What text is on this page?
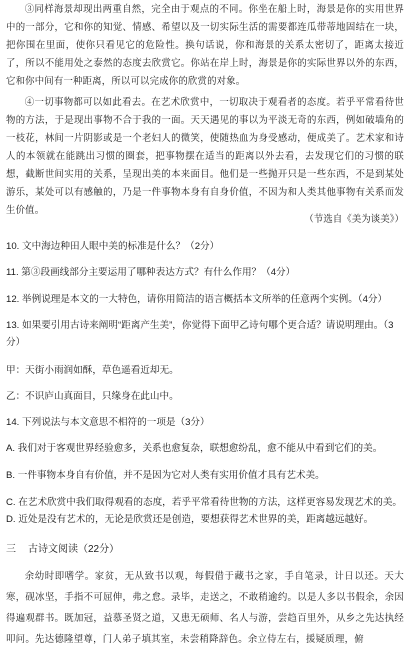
③同样海景却现出两重自然，完全由于观点的不同。你坐在船上时，海景是你的实用世界中的一部分，它和你的知觉、情感、希望以及一切实际生活的需要都连瓜带蒂地固结在一块，把你围在里面，使你只看见它的危险性。换句话说，你和海景的关系太密切了，距离太接近了，所以不能用处之泰然的态度去欣赏它。你站在岸上时，海景是你的实际世界以外的东西，它和你中间有一种距离，所以可以完成你的欣赏的对象。

④一切事物都可以如此看去。在艺术欣赏中，一切取决于观看者的态度。若乎平常看待世物的方法，于是现出事物不合于我的一面。天天遇见的事以为平淡无奇的东西，例如破墙角的一枝花，林间一片阴影或是一个老妇人的微笑，使随热血为身受感动，便成美了。艺术家和诗人的本领就在能跳出习惯的圈套，把事物摆在适当的距离以外去看，去发现它们的习惯的联想，截断世间实用的关系，呈现出美的本来面目。他们是一些抛开只是一些东西，不是到某处游乐，某处可以有感触的，乃是一件事物本身有自身价值，不因为和人类其他事物有关系而发生价值。

（节选自《美为谈美》）

10. 文中海边种田人眼中美的标准是什么？（2分）

11. 第③段画线部分主要运用了哪种表达方式？有什么作用？（4分）

12. 举例说理是本文的一大特色，请你用简洁的语言概括本文所举的任意两个实例。（4分）

13. 如果要引用古诗来阐明“距离产生美”，你觉得下面甲乙诗句哪个更合适？请说明理由。（3分）

甲：天街小雨润如酥，草色遥看近却无。

乙：不识庐山真面目，只缘身在此山中。

14. 下列说法与本文意思不相符的一项是（3分）

A. 我们对于客观世界经验愈多，关系也愈复杂，联想愈纷乱，愈不能从中看到它们的美。

B. 一件事物本身自有价值，并不是因为它对人类有实用价值才具有艺术美。

C. 在艺术欣赏中我们取得观看的态度，若乎平常看待世物的方法，这样更容易发现艺术的美。

D. 近处是没有艺术的，无论是欣赏还是创造，要想获得艺术世界的美，距离越远越好。

三 古诗文阅读（22分）

余幼时即嗜学。家贫，无从致书以观，每假借于藏书之家，手自笔录，计日以还。天大寒，砚冰坚，手指不可屈伸，弗之怠。录毕，走送之，不敢稍逾约。以是人多以书假余，余因得遍观群书。既加冠，益慕圣贤之道，又患无硕师、名人与游，尝趋百里外，从乡之先达执经叩问。先达德隆望尊，门人弟子填其室，未尝稍降辞色。余立侍左右，援疑质理，俯
